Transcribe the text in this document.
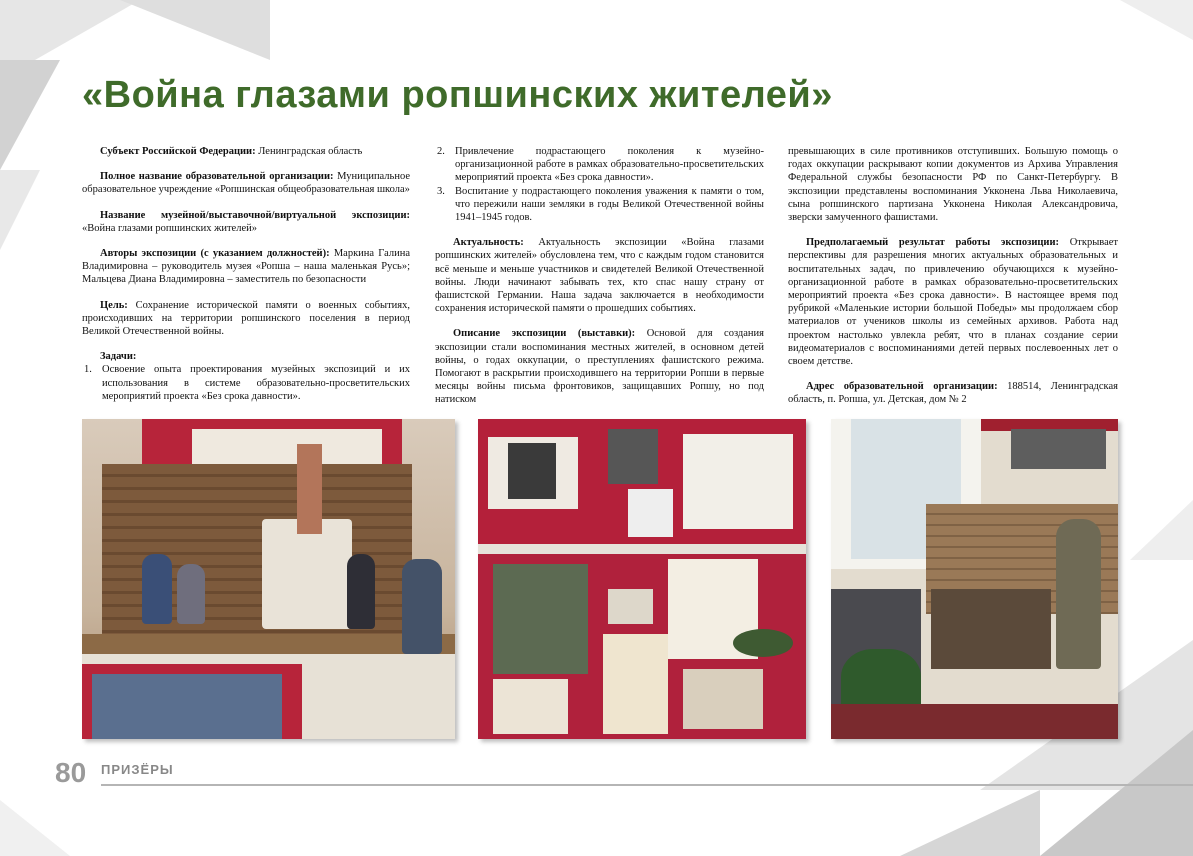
«Война глазами ропшинских жителей»

Субъект Российской Федерации: Ленинградская область

Полное название образовательной организации: Муниципальное образовательное учреждение «Ропшинская общеобразовательная школа»

Название музейной/выставочной/виртуальной экспозиции: «Война глазами ропшинских жителей»

Авторы экспозиции (с указанием должностей): Маркина Галина Владимировна – руководитель музея «Ропша – наша маленькая Русь»; Мальцева Диана Владимировна – заместитель по безопасности

Цель: Сохранение исторической памяти о военных событиях, происходивших на территории ропшинского поселения в период Великой Отечественной войны.

Задачи:

1. Освоение опыта проектирования музейных экспозиций и их использования в системе образовательно-просветительских мероприятий проекта «Без срока давности».
2. Привлечение подрастающего поколения к музейно-организационной работе в рамках образовательно-просветительских мероприятий проекта «Без срока давности».
3. Воспитание у подрастающего поколения уважения к памяти о том, что пережили наши земляки в годы Великой Отечественной войны 1941–1945 годов.

Актуальность: Актуальность экспозиции «Война глазами ропшинских жителей» обусловлена тем, что с каждым годом становится всё меньше и меньше участников и свидетелей Великой Отечественной войны. Люди начинают забывать тех, кто спас нашу страну от фашистской Германии. Наша задача заключается в необходимости сохранения исторической памяти о прошедших событиях.

Описание экспозиции (выставки): Основой для создания экспозиции стали воспоминания местных жителей, в основном детей войны, о годах оккупации, о преступлениях фашистского режима. Помогают в раскрытии происходившего на территории Ропши в первые месяцы войны письма фронтовиков, защищавших Ропшу, но под натиском

превышающих в силе противников отступивших. Большую помощь о годах оккупации раскрывают копии документов из Архива Управления Федеральной службы безопасности РФ по Санкт-Петербургу. В экспозиции представлены воспоминания Укконена Льва Николаевича, сына ропшинского партизана Укконена Николая Александровича, зверски замученного фашистами.

Предполагаемый результат работы экспозиции: Открывает перспективы для разрешения многих актуальных образовательных и воспитательных задач, по привлечению обучающихся к музейно-организационной работе в рамках образовательно-просветительских мероприятий проекта «Без срока давности». В настоящее время под рубрикой «Маленькие истории большой Победы» мы продолжаем сбор материалов от учеников школы из семейных архивов. Работа над проектом настолько увлекла ребят, что в планах создание серии видеоматериалов с воспоминаниями детей первых послевоенных лет о своем детстве.

Адрес образовательной организации: 188514, Ленинградская область, п. Ропша, ул. Детская, дом № 2

80 ПРИЗЁРЫ
